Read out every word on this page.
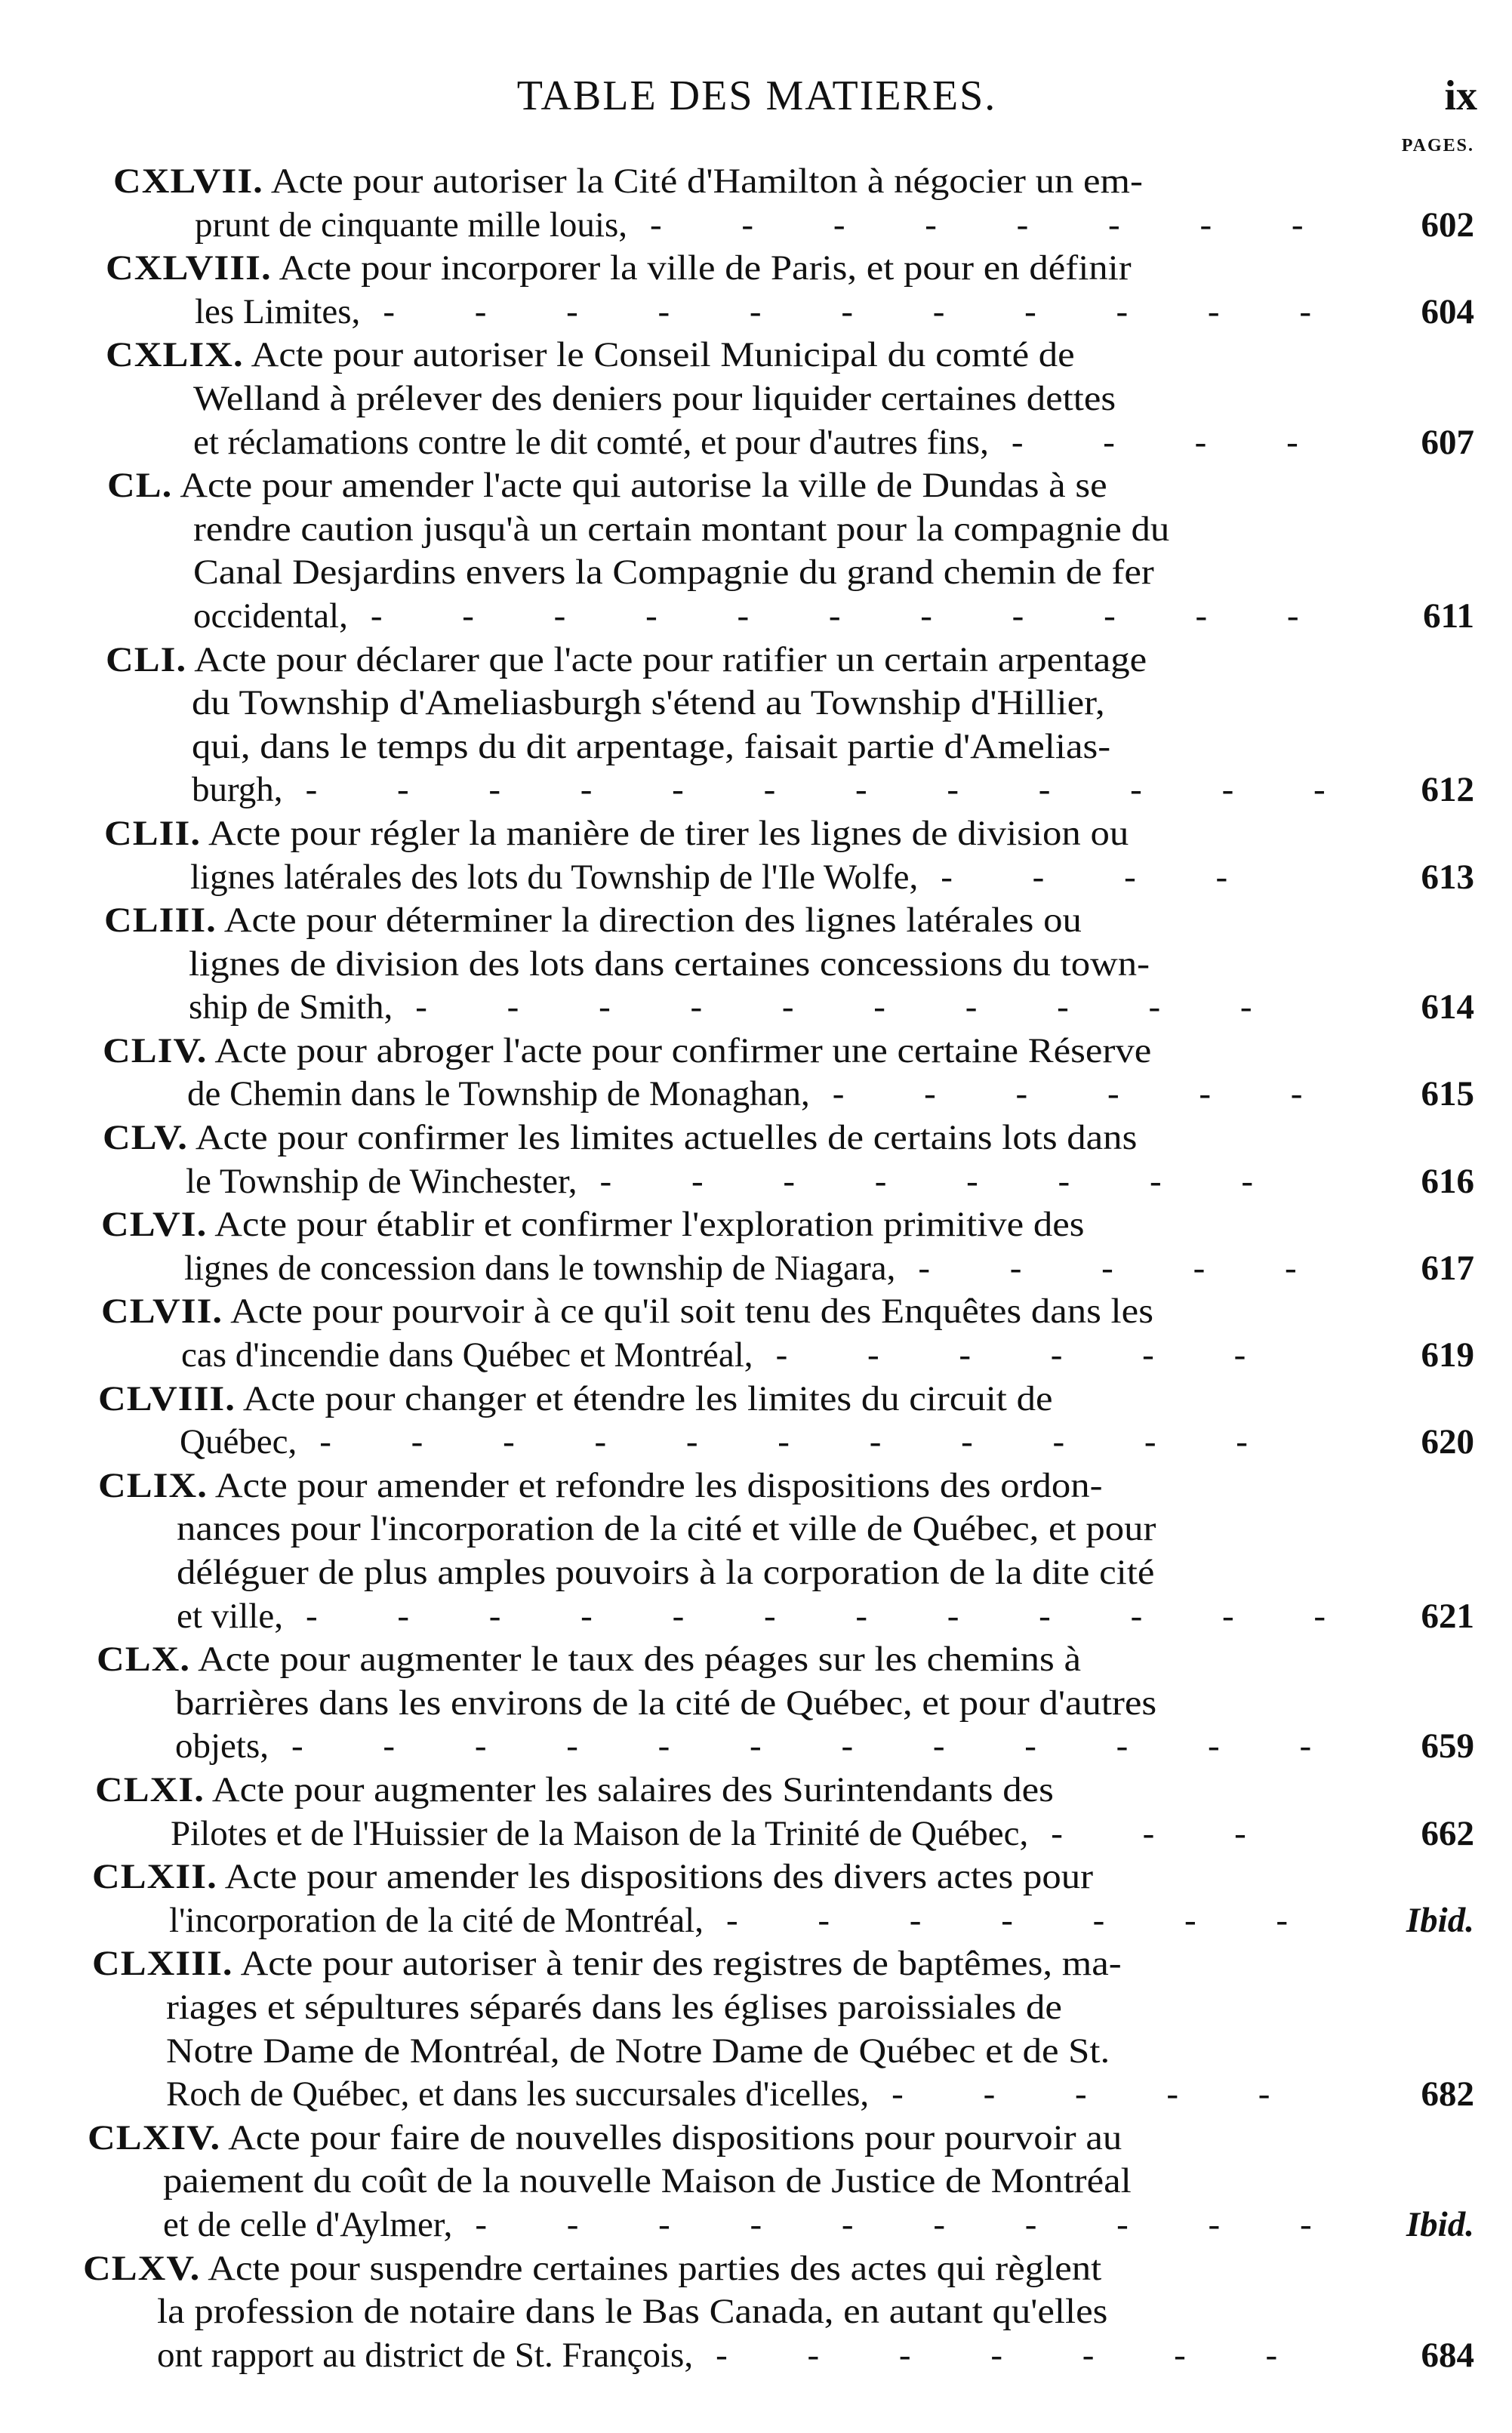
TABLE DES MATIERES.	ix
PAGES.
CXLVII. Acte pour autoriser la Cité d'Hamilton à négocier un em-
prunt de cinquante mille louis,	602
-   -   -   -   -   -   -   -
CXLVIII. Acte pour incorporer la ville de Paris, et pour en définir
les Limites,	604
-   -   -   -   -   -   -   -   -   -   -
CXLIX. Acte pour autoriser le Conseil Municipal du comté de
Welland à prélever des deniers pour liquider certaines dettes
et réclamations contre le dit comté, et pour d'autres fins,	607
-   -   -   -
CL. Acte pour amender l'acte qui autorise la ville de Dundas à se
rendre caution jusqu'à un certain montant pour la compagnie du
Canal Desjardins envers la Compagnie du grand chemin de fer
occidental,	611
-   -   -   -   -   -   -   -   -   -   -
CLI. Acte pour déclarer que l'acte pour ratifier un certain arpentage
du Township d'Ameliasburgh s'étend au Township d'Hillier,
qui, dans le temps du dit arpentage, faisait partie d'Amelias-
burgh,	612
-   -   -   -   -   -   -   -   -   -   -   -
CLII. Acte pour régler la manière de tirer les lignes de division ou
lignes latérales des lots du Township de l'Ile Wolfe,	613
-   -   -   -
CLIII. Acte pour déterminer la direction des lignes latérales ou
lignes de division des lots dans certaines concessions du town-
ship de Smith,	614
-   -   -   -   -   -   -   -   -   -
CLIV. Acte pour abroger l'acte pour confirmer une certaine Réserve
de Chemin dans le Township de Monaghan,	615
-   -   -   -   -   -
CLV. Acte pour confirmer les limites actuelles de certains lots dans
le Township de Winchester,	616
-   -   -   -   -   -   -   -
CLVI. Acte pour établir et confirmer l'exploration primitive des
lignes de concession dans le township de Niagara,	617
-   -   -   -   -
CLVII. Acte pour pourvoir à ce qu'il soit tenu des Enquêtes dans les
cas d'incendie dans Québec et Montréal,	619
-   -   -   -   -   -
CLVIII. Acte pour changer et étendre les limites du circuit de
Québec,	620
-   -   -   -   -   -   -   -   -   -   -
CLIX. Acte pour amender et refondre les dispositions des ordon-
nances pour l'incorporation de la cité et ville de Québec, et pour
déléguer de plus amples pouvoirs à la corporation de la dite cité
et ville,	621
-   -   -   -   -   -   -   -   -   -   -   -
CLX. Acte pour augmenter le taux des péages sur les chemins à
barrières dans les environs de la cité de Québec, et pour d'autres
objets,	659
-   -   -   -   -   -   -   -   -   -   -   -
CLXI. Acte pour augmenter les salaires des Surintendants des
Pilotes et de l'Huissier de la Maison de la Trinité de Québec,	662
-   -   -
CLXII. Acte pour amender les dispositions des divers actes pour
l'incorporation de la cité de Montréal,	Ibid.
-   -   -   -   -   -   -
CLXIII. Acte pour autoriser à tenir des registres de baptêmes, ma-
riages et sépultures séparés dans les églises paroissiales de
Notre Dame de Montréal, de Notre Dame de Québec et de St.
Roch de Québec, et dans les succursales d'icelles,	682
-   -   -   -   -
CLXIV. Acte pour faire de nouvelles dispositions pour pourvoir au
paiement du coût de la nouvelle Maison de Justice de Montréal
et de celle d'Aylmer,	Ibid.
-   -   -   -   -   -   -   -   -   -
CLXV. Acte pour suspendre certaines parties des actes qui règlent
la profession de notaire dans le Bas Canada, en autant qu'elles
ont rapport au district de St. François,	684
-   -   -   -   -   -   -
